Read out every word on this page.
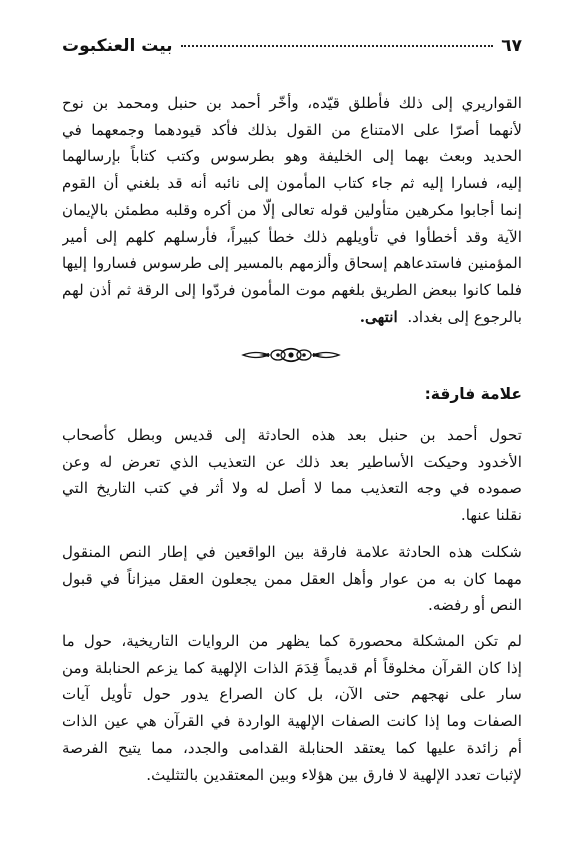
٦٧
بيت العنكبوت
القواريري إلى ذلك فأطلق قيّده، وأخّر أحمد بن حنبل ومحمد بن نوح
لأنهما أصرّا على الامتناع من القول بذلك فأكد قيودهما وجمعهما في
الحديد وبعث بهما إلى الخليفة وهو بطرسوس وكتب كتاباً بإرسالهما
إليه، فسارا إليه ثم جاء كتاب المأمون إلى نائبه أنه قد بلغني أن القوم
إنما أجابوا مكرهين متأولين قوله تعالى إلّا من أكره وقلبه مطمئن بالإيمان
الآية وقد أخطأوا في تأويلهم ذلك خطأ كبيراً، فأرسلهم كلهم إلى أمير
المؤمنين فاستدعاهم إسحاق وألزمهم بالمسير إلى طرسوس فساروا إليها
فلما كانوا ببعض الطريق بلغهم موت المأمون فردّوا إلى الرقة ثم أذن لهم
بالرجوع إلى بغداد.  انتهى.
علامة فارقة:
تحول أحمد بن حنبل بعد هذه الحادثة إلى قديس وبطل كأصحاب
الأخدود وحيكت الأساطير بعد ذلك عن التعذيب الذي تعرض له وعن
صموده في وجه التعذيب مما لا أصل له ولا أثر في كتب التاريخ التي
نقلنا عنها.
شكلت هذه الحادثة علامة فارقة بين الواقعين في إطار النص المنقول
مهما كان به من عوار وأهل العقل ممن يجعلون العقل ميزاناً في قبول
النص أو رفضه.
لم تكن المشكلة محصورة كما يظهر من الروايات التاريخية، حول ما
إذا كان القرآن مخلوقاً أم قديماً قِدَمَ الذات الإلهية كما يزعم الحنابلة ومن
سار على نهجهم حتى الآن، بل كان الصراع يدور حول تأويل آيات
الصفات وما إذا كانت الصفات الإلهية الواردة في القرآن هي عين الذات
أم زائدة عليها كما يعتقد الحنابلة القدامى والجدد، مما يتيح الفرصة
لإثبات تعدد الإلهية لا فارق بين هؤلاء وبين المعتقدين بالتثليث.
